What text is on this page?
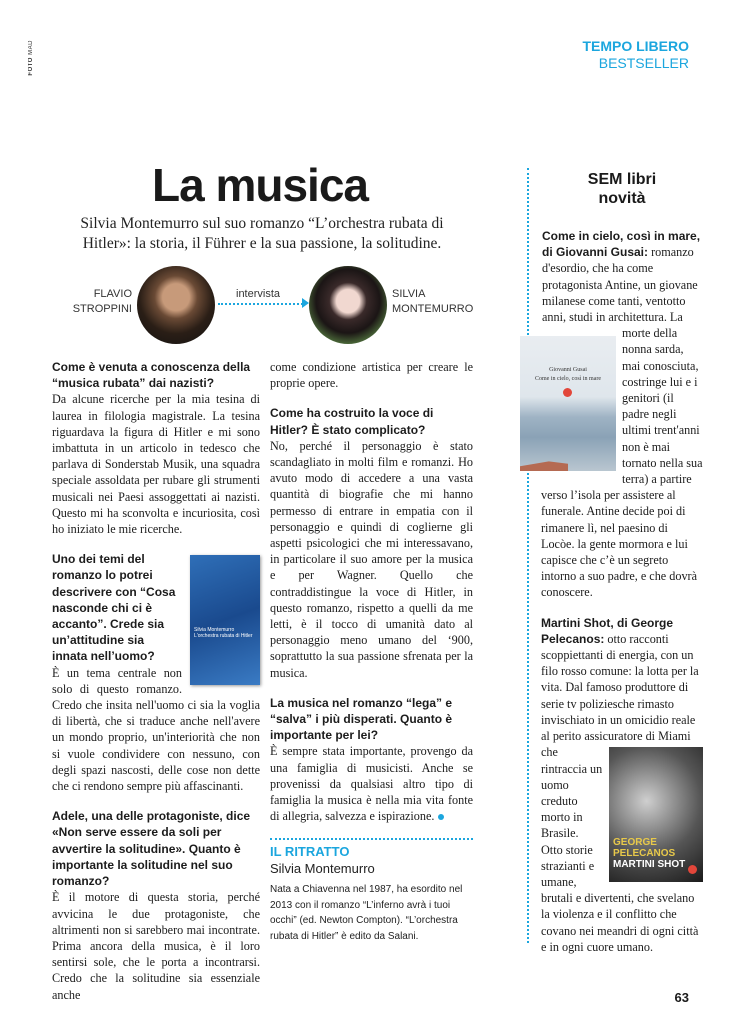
FOTO MAD	TEMPO LIBERO
BESTSELLER
La musica
Silvia Montemurro sul suo romanzo “L’orchestra rubata di Hitler»: la storia, il Führer e la sua passione, la solitudine.
FLAVIO
STROPPINI
intervista	SILVIA
MONTEMURRO
Come è venuta a conoscenza della “musica rubata” dai nazisti?

Da alcune ricerche per la mia tesina di laurea in filologia magistrale. La tesina riguardava la figura di Hitler e mi sono imbattuta in un articolo in tedesco che parlava di Sonderstab Musik, una squadra speciale assoldata per rubare gli strumenti musicali nei Paesi assoggettati ai nazisti. Questo mi ha sconvolta e incuriosita, così ho iniziato le mie ricerche.

Silvia Montemurro L'orchestra rubata di Hitler
Uno dei temi del romanzo lo potrei descrivere con “Cosa nasconde chi ci è accanto”. Crede sia un’attitudine sia innata nell’uomo?

È un tema centrale non solo di questo romanzo. Credo che insita nell'uomo ci sia la voglia di libertà, che si traduce anche nell'avere un mondo proprio, un'interiorità che non si vuole condividere con nessuno, con degli spazi nascosti, delle cose non dette che ci rendono sempre più affascinanti.

Adele, una delle protagoniste, dice «Non serve essere da soli per avvertire la solitudine». Quanto è importante la solitudine nel suo romanzo?

È il motore di questa storia, perché avvicina le due protagoniste, che altrimenti non si sarebbero mai incontrate. Prima ancora della musica, è il loro sentirsi sole, che le porta a incontrarsi. Credo che la solitudine sia essenziale anche

come condizione artistica per creare le proprie opere.

Come ha costruito la voce di Hitler? È stato complicato?

No, perché il personaggio è stato scandagliato in molti film e romanzi. Ho avuto modo di accedere a una vasta quantità di biografie che mi hanno permesso di entrare in empatia con il personaggio e quindi di coglierne gli aspetti psicologici che mi interessavano, in particolare il suo amore per la musica e per Wagner. Quello che contraddistingue la voce di Hitler, in questo romanzo, rispetto a quelli da me letti, è il tocco di umanità dato al personaggio meno umano del ‘900, soprattutto la sua passione sfrenata per la musica.

La musica nel romanzo “lega” e “salva” i più disperati. Quanto è importante per lei?

È sempre stata importante, provengo da una famiglia di musicisti. Anche se provenissi da qualsiasi altro tipo di famiglia la musica è nella mia vita fonte di allegria, salvezza e ispirazione.

IL RITRATTO
Silvia Montemurro
Nata a Chiavenna nel 1987, ha esordito nel 2013 con il romanzo “L’inferno avrà i tuoi occhi” (ed. Newton Compton). “L’orchestra rubata di Hitler” è edito da Salani.
SEM libri
novità
Giovanni Gusai
Come in cielo, così in mare

Come in cielo, così in mare, di Giovanni Gusai: romanzo d'esordio, che ha come protagonista Antine, un giovane milanese come tanti, ventotto anni, studi in architettura. La morte della nonna sarda, mai conosciuta, costringe lui e i genitori (il padre negli ultimi trent'anni non è mai tornato nella sua terra) a partire verso l’isola per assistere al funerale. Antine decide poi di rimanere lì, nel paesino di Locòe. la gente mormora e lui capisce che c’è un segreto intorno a suo padre, e che dovrà conoscere.

GEORGE PELECANOS
MARTINI SHOT

Martini Shot, di George Pelecanos: otto racconti scoppiettanti di energia, con un filo rosso comune: la lotta per la vita. Dal famoso produttore di serie tv poliziesche rimasto invischiato in un omicidio reale al perito assicuratore di Miami che rintraccia un uomo creduto morto in Brasile. Otto storie strazianti e umane, brutali e divertenti, che svelano la violenza e il conflitto che covano nei meandri di ogni città e in ogni cuore umano.

63
